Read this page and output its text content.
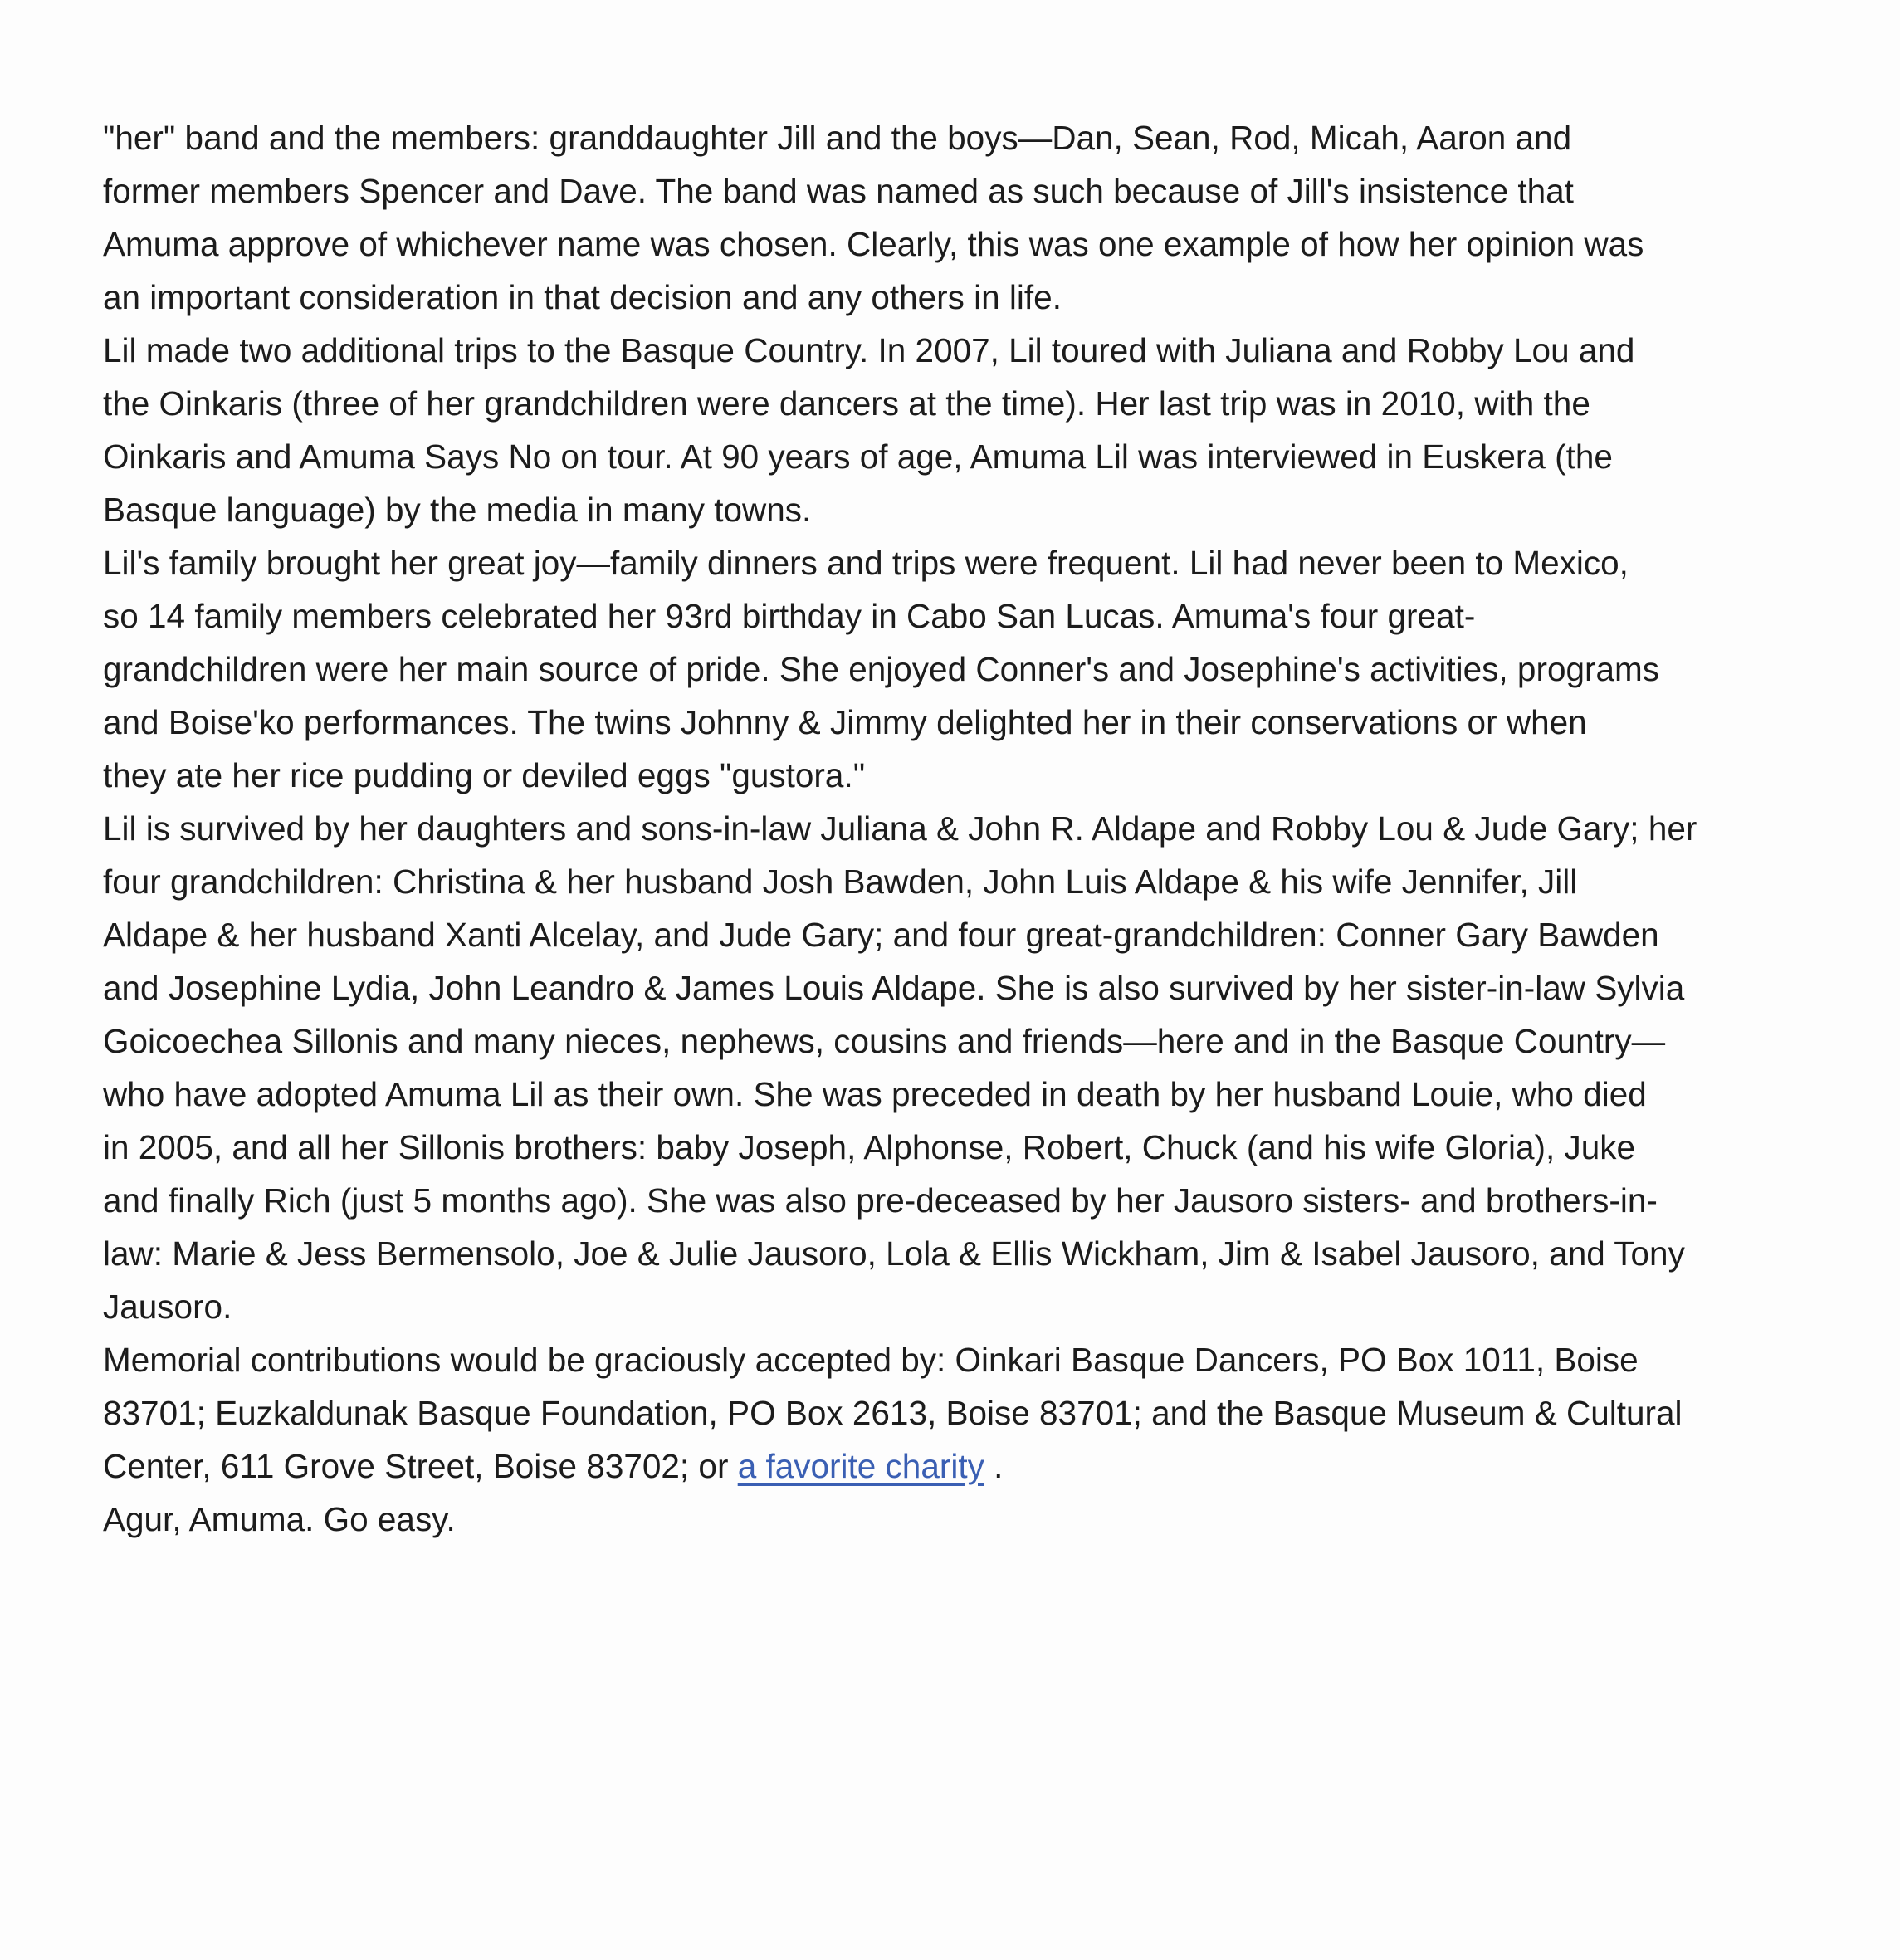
"her" band and the members: granddaughter Jill and the boys—Dan, Sean, Rod, Micah, Aaron and
former members Spencer and Dave. The band was named as such because of Jill's insistence that
Amuma approve of whichever name was chosen. Clearly, this was one example of how her opinion was
an important consideration in that decision and any others in life.
Lil made two additional trips to the Basque Country. In 2007, Lil toured with Juliana and Robby Lou and
the Oinkaris (three of her grandchildren were dancers at the time). Her last trip was in 2010, with the
Oinkaris and Amuma Says No on tour. At 90 years of age, Amuma Lil was interviewed in Euskera (the
Basque language) by the media in many towns.
Lil's family brought her great joy—family dinners and trips were frequent. Lil had never been to Mexico,
so 14 family members celebrated her 93rd birthday in Cabo San Lucas. Amuma's four great-
grandchildren were her main source of pride. She enjoyed Conner's and Josephine's activities, programs
and Boise'ko performances. The twins Johnny & Jimmy delighted her in their conservations or when
they ate her rice pudding or deviled eggs "gustora."
Lil is survived by her daughters and sons-in-law Juliana & John R. Aldape and Robby Lou & Jude Gary; her
four grandchildren: Christina & her husband Josh Bawden, John Luis Aldape & his wife Jennifer, Jill
Aldape & her husband Xanti Alcelay, and Jude Gary; and four great-grandchildren: Conner Gary Bawden
and Josephine Lydia, John Leandro & James Louis Aldape. She is also survived by her sister-in-law Sylvia
Goicoechea Sillonis and many nieces, nephews, cousins and friends—here and in the Basque Country—
who have adopted Amuma Lil as their own. She was preceded in death by her husband Louie, who died
in 2005, and all her Sillonis brothers: baby Joseph, Alphonse, Robert, Chuck (and his wife Gloria), Juke
and finally Rich (just 5 months ago). She was also pre-deceased by her Jausoro sisters- and brothers-in-
law: Marie & Jess Bermensolo, Joe & Julie Jausoro, Lola & Ellis Wickham, Jim & Isabel Jausoro, and Tony
Jausoro.
Memorial contributions would be graciously accepted by: Oinkari Basque Dancers, PO Box 1011, Boise
83701; Euzkaldunak Basque Foundation, PO Box 2613, Boise 83701; and the Basque Museum & Cultural
Center, 611 Grove Street, Boise 83702; or a favorite charity .
Agur, Amuma. Go easy.
